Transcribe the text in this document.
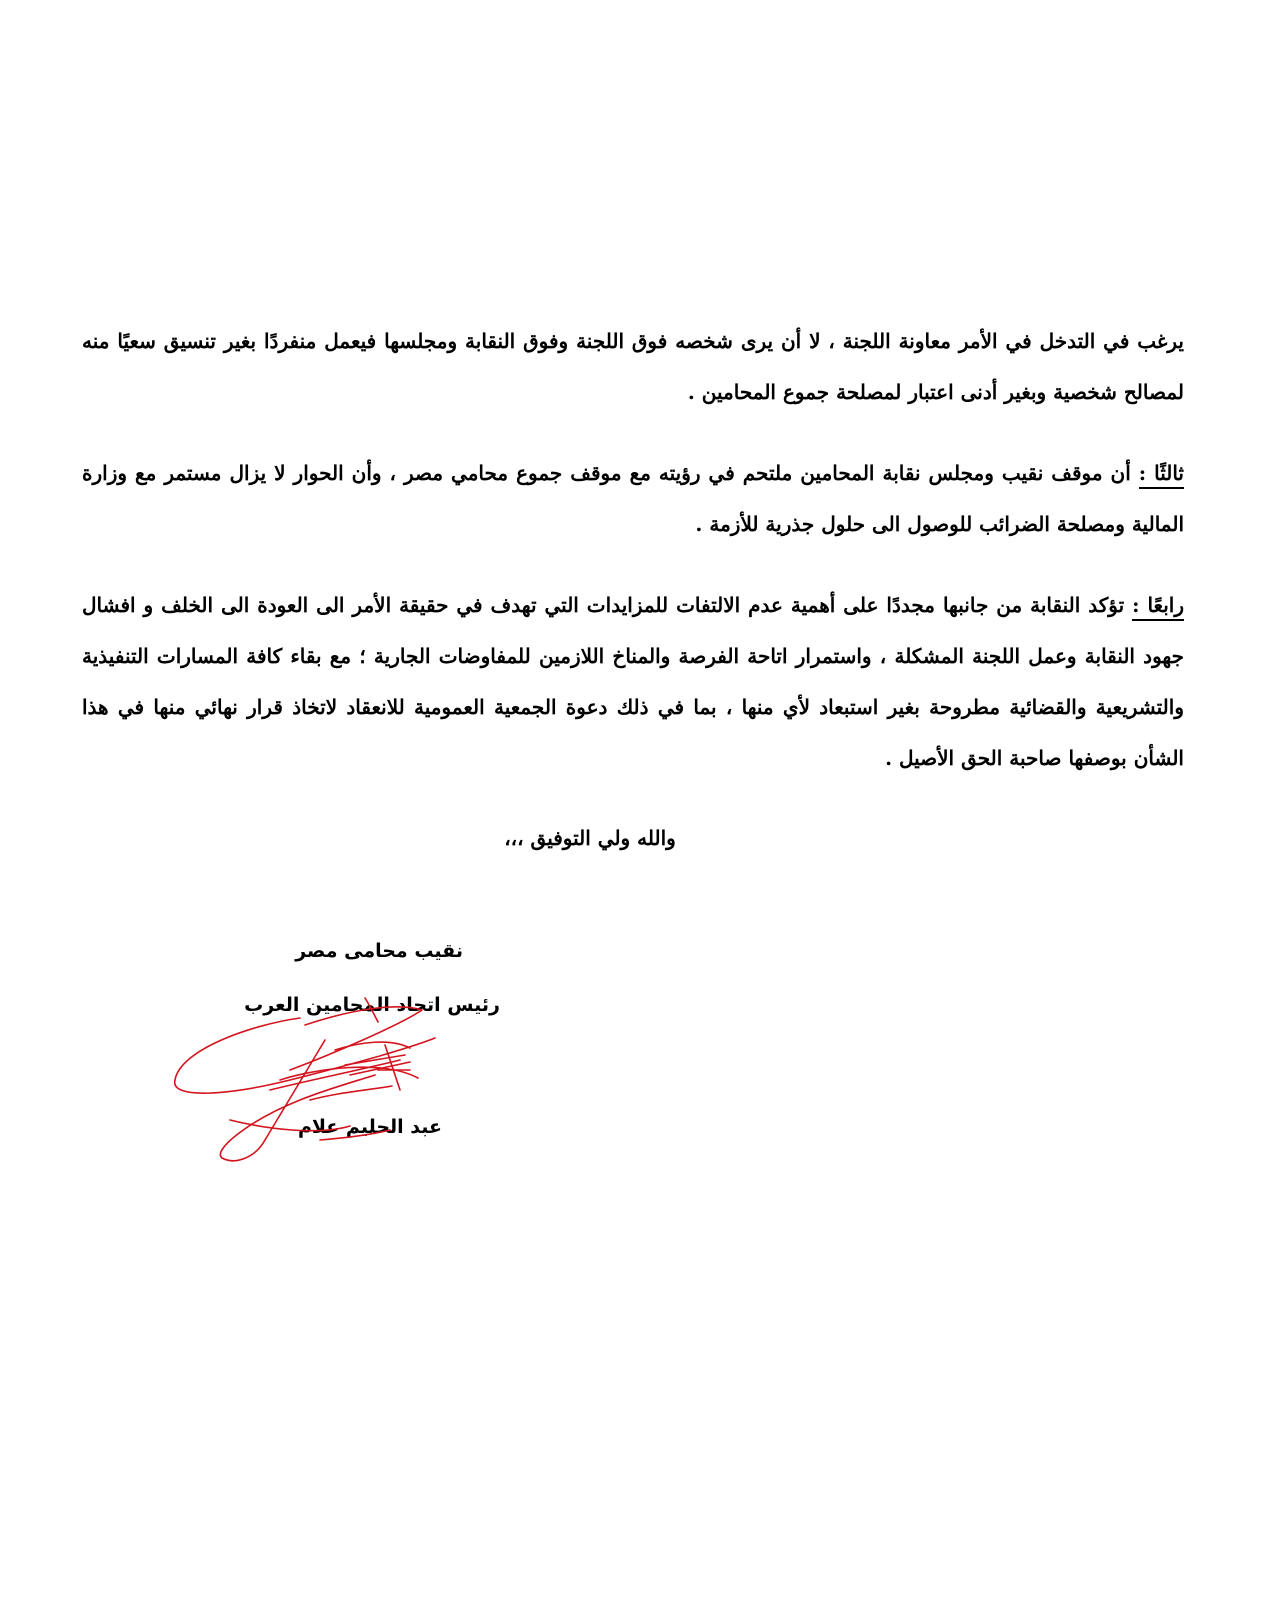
يرغب في التدخل في الأمر معاونة اللجنة ، لا أن يرى شخصه فوق اللجنة وفوق النقابة ومجلسها فيعمل منفردًا بغير تنسيق سعيًا منه لمصالح شخصية وبغير أدنى اعتبار لمصلحة جموع المحامين .

ثالثًا : أن موقف نقيب ومجلس نقابة المحامين ملتحم في رؤيته مع موقف جموع محامي مصر ، وأن الحوار لا يزال مستمر مع وزارة المالية ومصلحة الضرائب للوصول الى حلول جذرية للأزمة .

رابعًا : تؤكد النقابة من جانبها مجددًا على أهمية عدم الالتفات للمزايدات التي تهدف في حقيقة الأمر الى العودة الى الخلف و افشال جهود النقابة وعمل اللجنة المشكلة ، واستمرار اتاحة الفرصة والمناخ اللازمين للمفاوضات الجارية ؛ مع بقاء كافة المسارات التنفيذية والتشريعية والقضائية مطروحة بغير استبعاد لأي منها ، بما في ذلك دعوة الجمعية العمومية للانعقاد لاتخاذ قرار نهائي منها في هذا الشأن بوصفها صاحبة الحق الأصيل .

والله ولي التوفيق ،،،
نقيب محامى مصر
رئيس اتحاد المحامين العرب
عبد الحليم علام
